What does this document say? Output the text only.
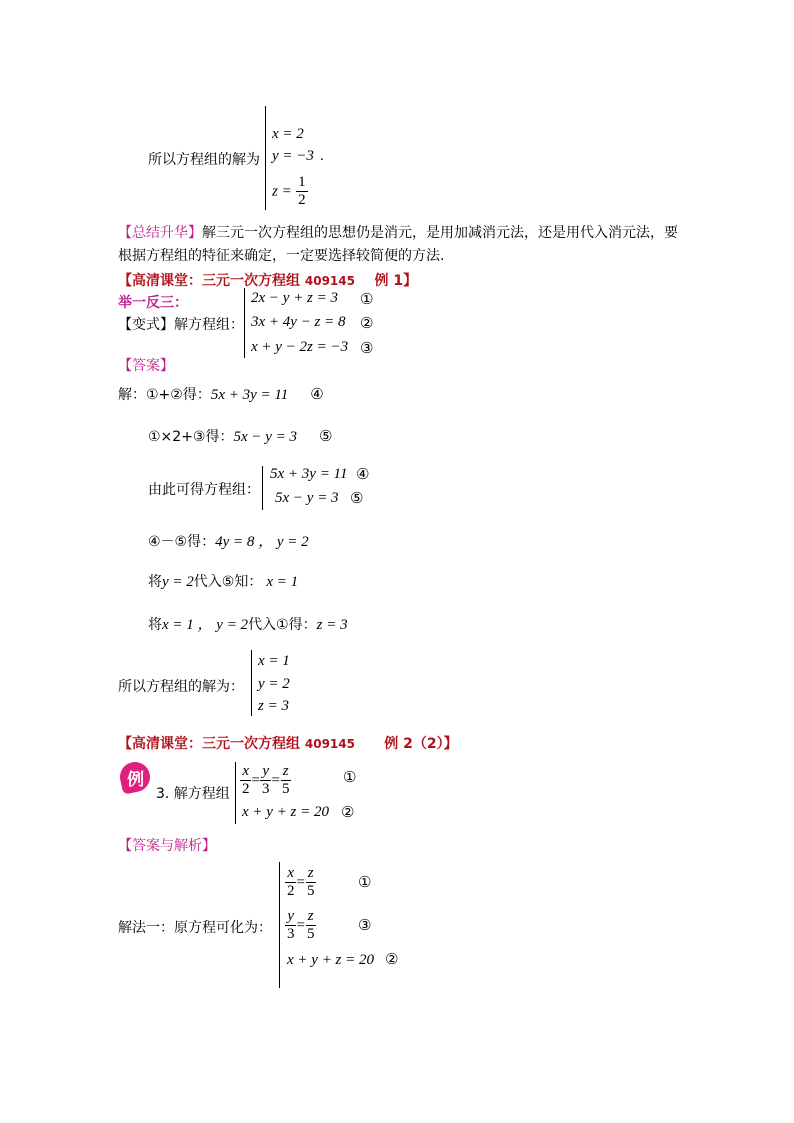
所以方程组的解为
x = 2
y = −3 .
$z = \frac{1}{2}$
【总结升华】解三元一次方程组的思想仍是消元，是用加减消元法，还是用代入消元法，要
根据方程组的特征来确定，一定要选择较简便的方法.
【高清课堂：三元一次方程组 409145 例 1】
举一反三：
【变式】解方程组：
2x − y + z = 3 ①
3x + 4y − z = 8 ②
x + y − 2z = −3 ③
【答案】
解：①+②得：5x + 3y = 11 ④
①×2+③得：5x − y = 3 ⑤
由此可得方程组：
5x + 3y = 11 ④
5x − y = 3 ⑤
④－⑤得：4y = 8 ， y = 2
将y = 2代入⑤知： x = 1
将x = 1 ， y = 2代入①得：z = 3
所以方程组的解为：
x = 1
y = 2
z = 3
【高清课堂：三元一次方程组 409145 例 2（2）】
例
3. 解方程组 $\frac{x}{2} = \frac{y}{3} = \frac{z}{5}$	①
x + y + z = 20 ②
【答案与解析】
解法一：原方程可化为：
$\frac{x}{2} = \frac{z}{5}$	①
$\frac{y}{3} = \frac{z}{5}$	③
x + y + z = 20 ②
